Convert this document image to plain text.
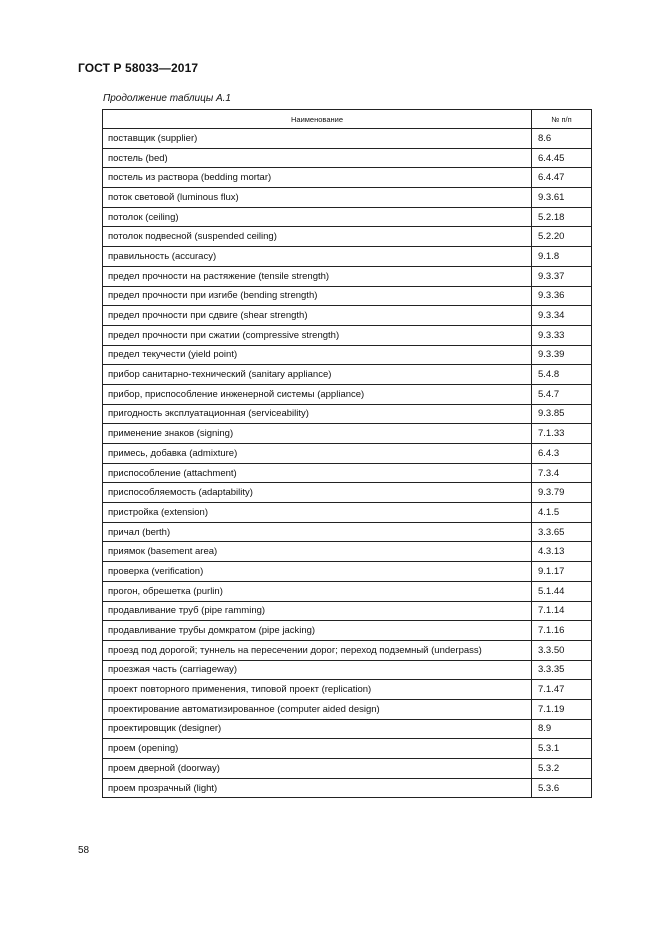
ГОСТ Р 58033—2017
Продолжение таблицы А.1
Наименование	№ п/п
поставщик (supplier)	8.6
постель (bed)	6.4.45
постель из раствора (bedding mortar)	6.4.47
поток световой (luminous flux)	9.3.61
потолок (ceiling)	5.2.18
потолок подвесной (suspended ceiling)	5.2.20
правильность (accuracy)	9.1.8
предел прочности на растяжение (tensile strength)	9.3.37
предел прочности при изгибе (bending strength)	9.3.36
предел прочности при сдвиге (shear strength)	9.3.34
предел прочности при сжатии (compressive strength)	9.3.33
предел текучести (yield point)	9.3.39
прибор санитарно-технический (sanitary appliance)	5.4.8
прибор, приспособление инженерной системы (appliance)	5.4.7
пригодность эксплуатационная (serviceability)	9.3.85
применение знаков (signing)	7.1.33
примесь, добавка (admixture)	6.4.3
приспособление (attachment)	7.3.4
приспособляемость (adaptability)	9.3.79
пристройка (extension)	4.1.5
причал (berth)	3.3.65
приямок (basement area)	4.3.13
проверка (verification)	9.1.17
прогон, обрешетка (purlin)	5.1.44
продавливание труб (pipe ramming)	7.1.14
продавливание трубы домкратом (pipe jacking)	7.1.16
проезд под дорогой; туннель на пересечении дорог; переход подземный (underpass)	3.3.50
проезжая часть (carriageway)	3.3.35
проект повторного применения, типовой проект (replication)	7.1.47
проектирование автоматизированное (computer aided design)	7.1.19
проектировщик (designer)	8.9
проем (opening)	5.3.1
проем дверной (doorway)	5.3.2
проем прозрачный (light)	5.3.6
58
